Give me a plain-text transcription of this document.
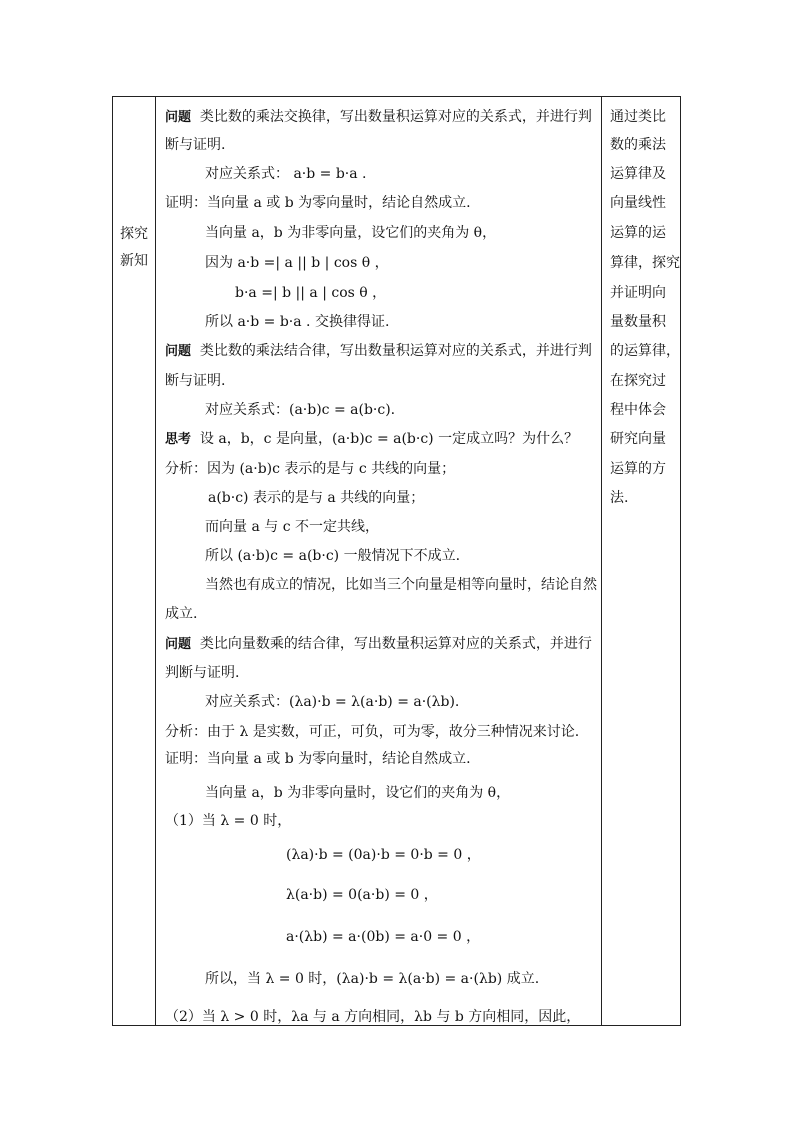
探究
新知
问题 类比数的乘法交换律，写出数量积运算对应的关系式，并进行判
断与证明.
对应关系式： a·b = b·a .
证明：当向量 a 或 b 为零向量时，结论自然成立.
当向量 a，b 为非零向量，设它们的夹角为 θ，
因为 a·b =| a || b | cos θ ，
b·a =| b || a | cos θ ，
所以 a·b = b·a . 交换律得证.
问题 类比数的乘法结合律，写出数量积运算对应的关系式，并进行判
断与证明.
对应关系式：(a·b)c = a(b·c).
思考 设 a，b，c 是向量，(a·b)c = a(b·c) 一定成立吗？为什么？
分析：因为 (a·b)c 表示的是与 c 共线的向量；
a(b·c) 表示的是与 a 共线的向量；
而向量 a 与 c 不一定共线，
所以 (a·b)c = a(b·c) 一般情况下不成立.
当然也有成立的情况，比如当三个向量是相等向量时，结论自然
成立.
问题 类比向量数乘的结合律，写出数量积运算对应的关系式，并进行
判断与证明.
对应关系式：(λa)·b = λ(a·b) = a·(λb).
分析：由于 λ 是实数，可正，可负，可为零，故分三种情况来讨论.
证明：当向量 a 或 b 为零向量时，结论自然成立.
当向量 a，b 为非零向量时，设它们的夹角为 θ，
（1）当 λ = 0 时，
(λa)·b = (0a)·b = 0·b = 0 ，
λ(a·b) = 0(a·b) = 0 ，
a·(λb) = a·(0b) = a·0 = 0 ，
所以，当 λ = 0 时，(λa)·b = λ(a·b) = a·(λb) 成立.
（2）当 λ > 0 时，λa 与 a 方向相同，λb 与 b 方向相同，因此，
通过类比
数的乘法
运算律及
向量线性
运算的运
算律，探究
并证明向
量数量积
的运算律，
在探究过
程中体会
研究向量
运算的方
法.
